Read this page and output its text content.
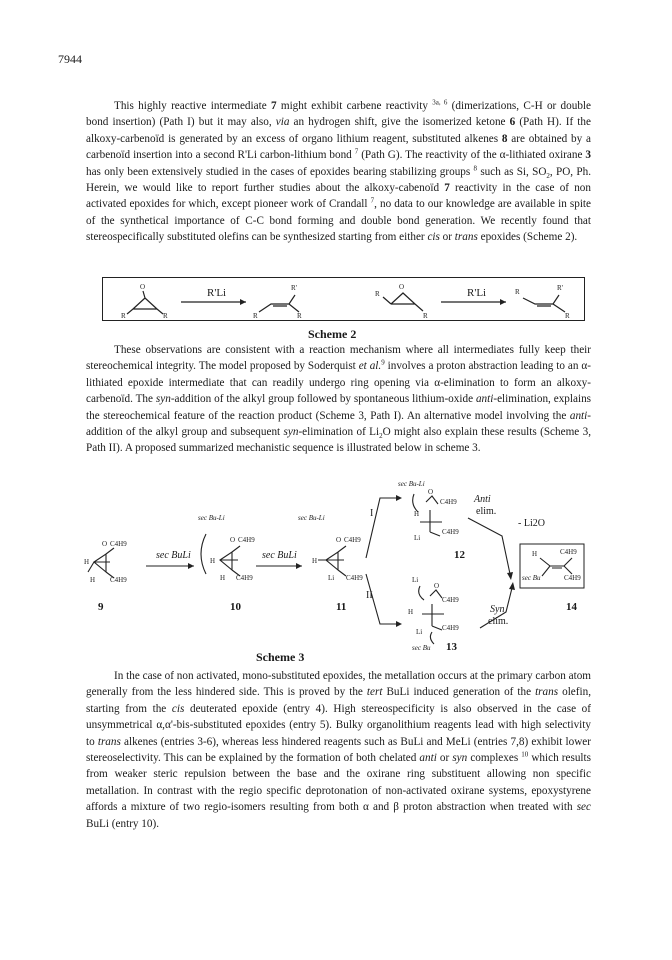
7944

This highly reactive intermediate 7 might exhibit carbene reactivity $^{3a, 6}$ (dimerizations, C-H or double bond insertion) (Path I) but it may also, via an hydrogen shift, give the isomerized ketone 6 (Path H). If the alkoxy-carbenoïd is generated by an excess of organo lithium reagent, substituted alkenes 8 are obtained by a carbenoïd insertion into a second R'Li carbon-lithium bond $^7$ (Path G). The reactivity of the α-lithiated oxirane 3 has only been extensively studied in the cases of epoxides bearing stabilizing groups $^8$ such as Si, $SO_2$, PO, Ph. Herein, we would like to report further studies about the alkoxy-cabenoïd 7 reactivity in the case of non activated epoxides for which, except pioneer work of Crandall $^7$, no data to our knowledge are available in spite of the synthetical importance of C-C bond forming and double bond generation. We recently found that stereospecifically substituted olefins can be synthesized starting from either cis or trans epoxides (Scheme 2).

O
R	R
R'Li	R'
R	R
O
R
R
R'Li	R	R'
R
Scheme 2

These observations are consistent with a reaction mechanism where all intermediates fully keep their stereochemical integrity. The model proposed by Soderquist et al.$^9$ involves a proton abstraction leading to an α-lithiated epoxide intermediate that can readily undergo ring opening via α-elimination to form an alkoxy-carbenoïd. The syn-addition of the alkyl group followed by spontaneous lithium-oxide anti-elimination, explains the stereochemical feature of the reaction product (Scheme 3, Path I). An alternative model involving the anti-addition of the alkyl group and subsequent syn-elimination of $Li_2O$ might also explain these results (Scheme 3, Path II). A proposed summarized mechanistic sequence is illustrated below in scheme 3.

O C4H9
H
H C4H9
9
sec BuLi
sec Bu-Li
O C4H9
H
H C4H9
10
sec BuLi
sec Bu-Li
O C4H9
H
Li C4H9
11
I
II
sec Bu-Li
O
C4H9
H
Li
C4H9
12
Li
O
C4H9
H
Li	C4H9
sec Bu 13
Anti
elim.
- Li2O
Syn
elim.
H	C4H9
sec Bu	C4H9
14
Scheme 3

In the case of non activated, mono-substituted epoxides, the metallation occurs at the primary carbon atom generally from the less hindered side. This is proved by the tert BuLi induced generation of the trans olefin, starting from the cis deuterated epoxide (entry 4). High stereospecificity is also observed in the case of unsymmetrical α,α'-bis-substituted epoxides (entry 5). Bulky organolithium reagents lead with high selectivity to trans alkenes (entries 3-6), whereas less hindered reagents such as BuLi and MeLi (entries 7,8) exhibit lower stereoselectivity. This can be explained by the formation of both chelated anti or syn complexes $^{10}$ which results from weaker steric repulsion between the base and the oxirane ring substituent allowing non specific metallation. In contrast with the regio specific deprotonation of non-activated oxirane systems, epoxystyrene affords a mixture of two regio-isomers resulting from both α and β proton abstraction when treated with sec BuLi (entry 10).
